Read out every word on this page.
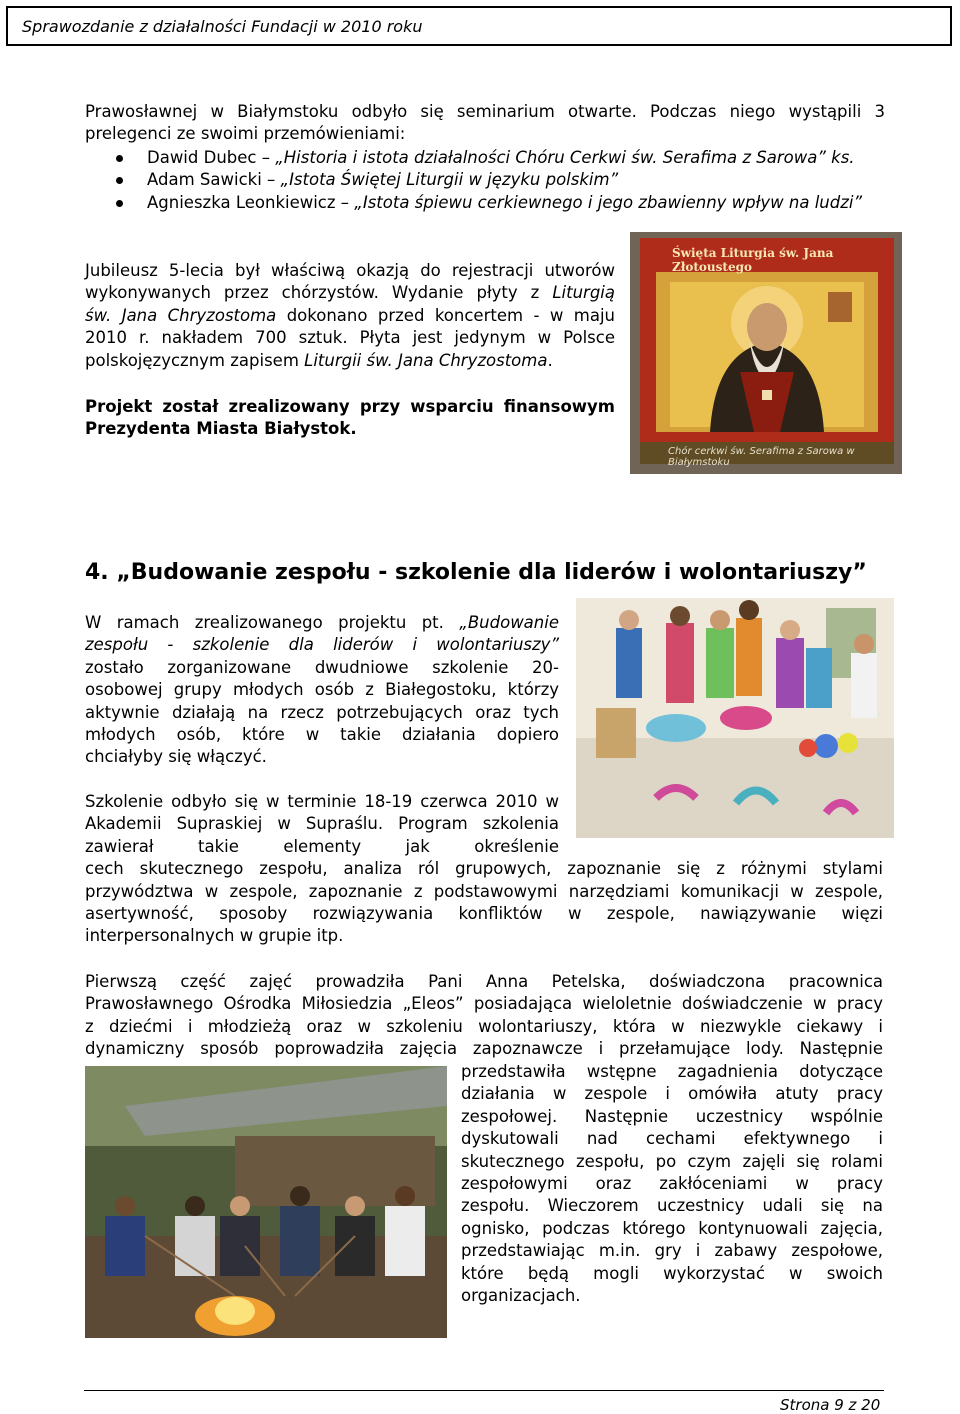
Sprawozdanie z działalności Fundacji w 2010 roku

Prawosławnej w Białymstoku odbyło się seminarium otwarte. Podczas niego wystąpili 3

prelegenci ze swoimi przemówieniami:

Dawid Dubec – „Historia i istota działalności Chóru Cerkwi św. Serafima z Sarowa” ks.
Adam Sawicki – „Istota Świętej Liturgii w języku polskim”
Agnieszka Leonkiewicz – „Istota śpiewu cerkiewnego i jego zbawienny wpływ na ludzi”

Jubileusz 5-lecia był właściwą okazją do rejestracji utworów

wykonywanych przez chórzystów. Wydanie płyty z Liturgią

św. Jana Chryzostoma dokonano przed koncertem - w maju

2010 r. nakładem 700 sztuk. Płyta jest jedynym w Polsce

polskojęzycznym zapisem Liturgii św. Jana Chryzostoma.

Projekt został zrealizowany przy wsparciu finansowym

Prezydenta Miasta Białystok.

Święta Liturgia św. Jana Złotoustego
Chór cerkwi św. Serafima z Sarowa w Białymstoku
4. „Budowanie zespołu - szkolenie dla liderów i wolontariuszy”

W ramach zrealizowanego projektu pt. „Budowanie

zespołu - szkolenie dla liderów i wolontariuszy”

zostało zorganizowane dwudniowe szkolenie 20-

osobowej grupy młodych osób z Białegostoku, którzy

aktywnie działają na rzecz potrzebujących oraz tych

młodych osób, które w takie działania dopiero

chciałyby się włączyć.

Szkolenie odbyło się w terminie 18-19 czerwca 2010 w

Akademii Supraskiej w Supraślu. Program szkolenia

zawierał takie elementy jak określenie

cech skutecznego zespołu, analiza ról grupowych, zapoznanie się z różnymi stylami

przywództwa w zespole, zapoznanie z podstawowymi narzędziami komunikacji w zespole,

asertywność, sposoby rozwiązywania konfliktów w zespole, nawiązywanie więzi

interpersonalnych w grupie itp.

Pierwszą część zajęć prowadziła Pani Anna Petelska, doświadczona pracownica

Prawosławnego Ośrodka Miłosiedzia „Eleos” posiadająca wieloletnie doświadczenie w pracy

z dziećmi i młodzieżą oraz w szkoleniu wolontariuszy, która w niezwykle ciekawy i

dynamiczny sposób poprowadziła zajęcia zapoznawcze i przełamujące lody. Następnie

przedstawiła wstępne zagadnienia dotyczące

działania w zespole i omówiła atuty pracy

zespołowej. Następnie uczestnicy wspólnie

dyskutowali nad cechami efektywnego i

skutecznego zespołu, po czym zajęli się rolami

zespołowymi oraz zakłóceniami w pracy

zespołu. Wieczorem uczestnicy udali się na

ognisko, podczas którego kontynuowali zajęcia,

przedstawiając m.in. gry i zabawy zespołowe,

które będą mogli wykorzystać w swoich

organizacjach.

Strona 9 z 20
